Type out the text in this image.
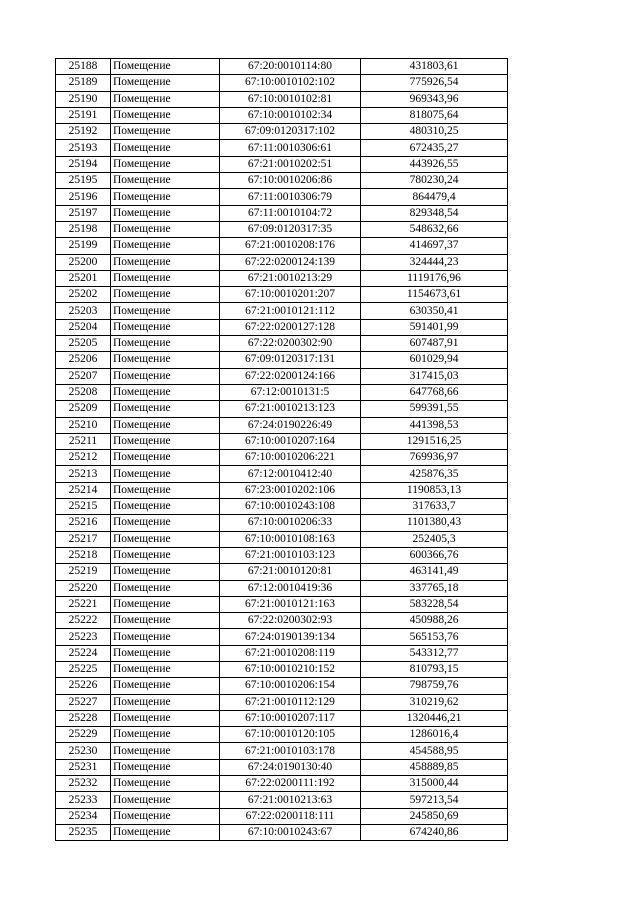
25188	Помещение	67:20:0010114:80	431803,61
25189	Помещение	67:10:0010102:102	775926,54
25190	Помещение	67:10:0010102:81	969343,96
25191	Помещение	67:10:0010102:34	818075,64
25192	Помещение	67:09:0120317:102	480310,25
25193	Помещение	67:11:0010306:61	672435,27
25194	Помещение	67:21:0010202:51	443926,55
25195	Помещение	67:10:0010206:86	780230,24
25196	Помещение	67:11:0010306:79	864479,4
25197	Помещение	67:11:0010104:72	829348,54
25198	Помещение	67:09:0120317:35	548632,66
25199	Помещение	67:21:0010208:176	414697,37
25200	Помещение	67:22:0200124:139	324444,23
25201	Помещение	67:21:0010213:29	1119176,96
25202	Помещение	67:10:0010201:207	1154673,61
25203	Помещение	67:21:0010121:112	630350,41
25204	Помещение	67:22:0200127:128	591401,99
25205	Помещение	67:22:0200302:90	607487,91
25206	Помещение	67:09:0120317:131	601029,94
25207	Помещение	67:22:0200124:166	317415,03
25208	Помещение	67:12:0010131:5	647768,66
25209	Помещение	67:21:0010213:123	599391,55
25210	Помещение	67:24:0190226:49	441398,53
25211	Помещение	67:10:0010207:164	1291516,25
25212	Помещение	67:10:0010206:221	769936,97
25213	Помещение	67:12:0010412:40	425876,35
25214	Помещение	67:23:0010202:106	1190853,13
25215	Помещение	67:10:0010243:108	317633,7
25216	Помещение	67:10:0010206:33	1101380,43
25217	Помещение	67:10:0010108:163	252405,3
25218	Помещение	67:21:0010103:123	600366,76
25219	Помещение	67:21:0010120:81	463141,49
25220	Помещение	67:12:0010419:36	337765,18
25221	Помещение	67:21:0010121:163	583228,54
25222	Помещение	67:22:0200302:93	450988,26
25223	Помещение	67:24:0190139:134	565153,76
25224	Помещение	67:21:0010208:119	543312,77
25225	Помещение	67:10:0010210:152	810793,15
25226	Помещение	67:10:0010206:154	798759,76
25227	Помещение	67:21:0010112:129	310219,62
25228	Помещение	67:10:0010207:117	1320446,21
25229	Помещение	67:10:0010120:105	1286016,4
25230	Помещение	67:21:0010103:178	454588,95
25231	Помещение	67:24:0190130:40	458889,85
25232	Помещение	67:22:0200111:192	315000,44
25233	Помещение	67:21:0010213:63	597213,54
25234	Помещение	67:22:0200118:111	245850,69
25235	Помещение	67:10:0010243:67	674240,86
